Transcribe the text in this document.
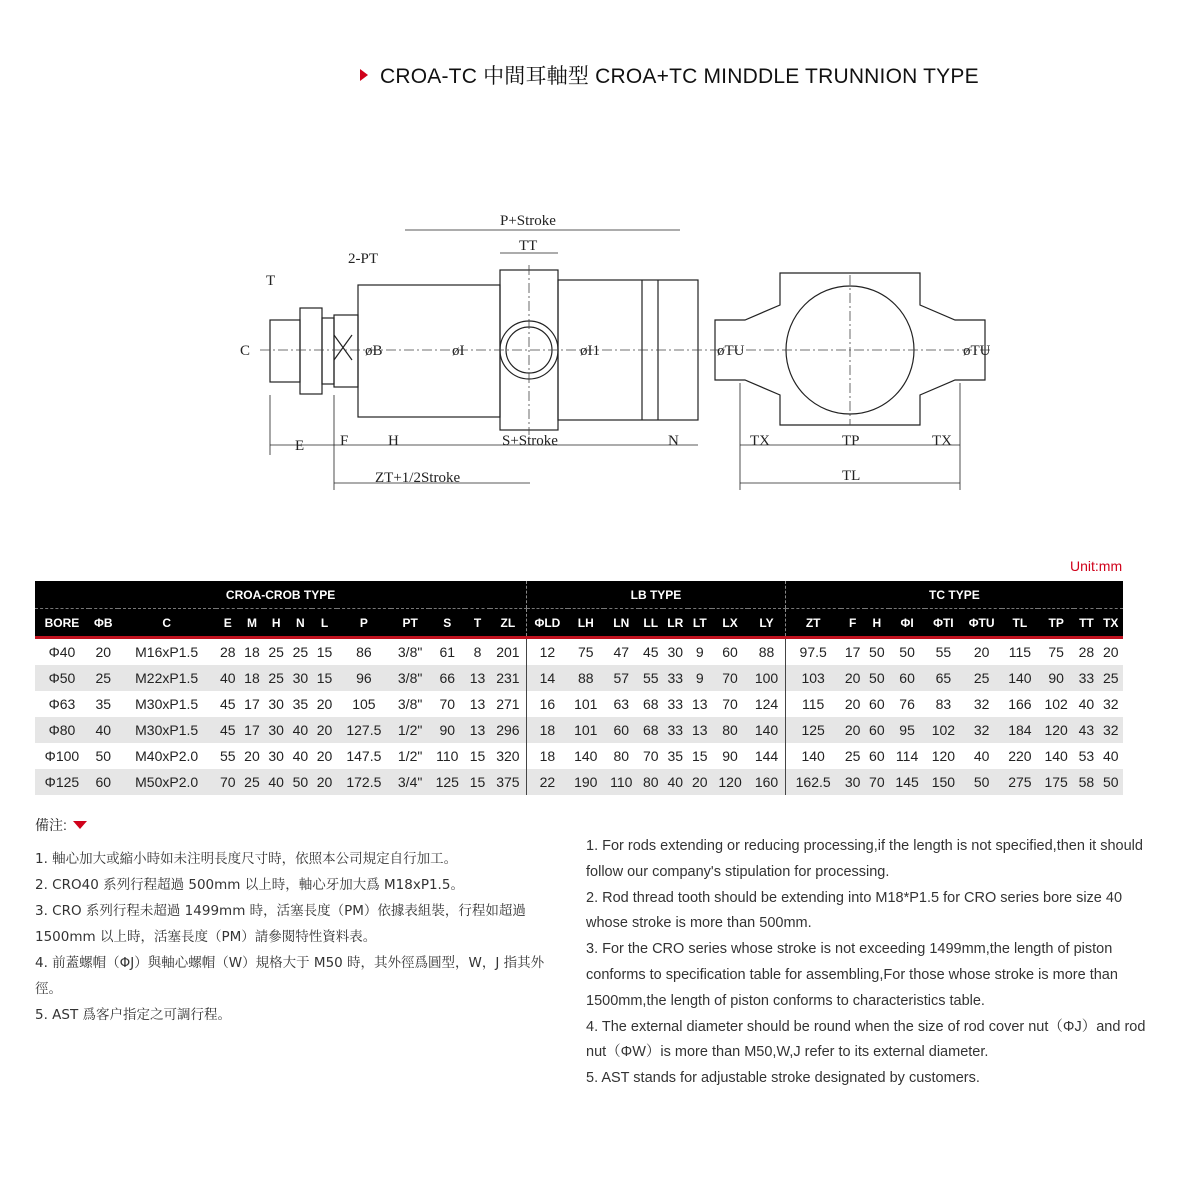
CROA-TC 中間耳軸型 CROA+TC MINDDLE TRUNNION TYPE
P+Stroke
TT
2-PT
T
C	øB	øI	øI1	øTU	øTU
E F	H	S+Stroke	N
ZT+1/2Stroke
TX	TP	TX
TL
Unit:mm
CROA-CROB TYPE													LB TYPE								TC TYPE									
BORE	ΦB	C	E	M	H	N	L	P	PT	S	T	ZL	ΦLD	LH	LN	LL	LR	LT	LX	LY	ZT	F	H	ΦI	ΦTI	ΦTU	TL	TP	TT	TX
Φ40	20	M16xP1.5	28	18	25	25	15	86	3/8"	61	8	201	12	75	47	45	30	9	60	88	97.5	17	50	50	55	20	115	75	28	20
Φ50	25	M22xP1.5	40	18	25	30	15	96	3/8"	66	13	231	14	88	57	55	33	9	70	100	103	20	50	60	65	25	140	90	33	25
Φ63	35	M30xP1.5	45	17	30	35	20	105	3/8"	70	13	271	16	101	63	68	33	13	70	124	115	20	60	76	83	32	166	102	40	32
Φ80	40	M30xP1.5	45	17	30	40	20	127.5	1/2"	90	13	296	18	101	60	68	33	13	80	140	125	20	60	95	102	32	184	120	43	32
Φ100	50	M40xP2.0	55	20	30	40	20	147.5	1/2"	110	15	320	18	140	80	70	35	15	90	144	140	25	60	114	120	40	220	140	53	40
Φ125	60	M50xP2.0	70	25	40	50	20	172.5	3/4"	125	15	375	22	190	110	80	40	20	120	160	162.5	30	70	145	150	50	275	175	58	50
備注:

1. 軸心加大或縮小時如未注明長度尺寸時，依照本公司規定自行加工。

2. CRO40 系列行程超過 500mm 以上時，軸心牙加大爲 M18xP1.5。

3. CRO 系列行程未超過 1499mm 時，活塞長度（PM）依據表組裝，行程如超過1500mm 以上時，活塞長度（PM）請參閱特性資料表。

4. 前蓋螺帽（ΦJ）與軸心螺帽（W）規格大于 M50 時，其外徑爲圓型，W，J 指其外徑。

5. AST 爲客户指定之可調行程。

1. For rods extending or reducing processing,if the length is not specified,then it should follow our company's stipulation for processing.

2. Rod thread tooth should be extending into M18*P1.5 for CRO series bore size 40 whose stroke is more than 500mm.

3. For the CRO series whose stroke is not exceeding 1499mm,the length of piston conforms to specification table for assembling,For those whose stroke is more than 1500mm,the length of piston conforms to characteristics table.

4. The external diameter should be round when the size of rod cover nut（ΦJ）and rod nut（ΦW）is more than M50,W,J refer to its external diameter.

5. AST stands for adjustable stroke designated by customers.
